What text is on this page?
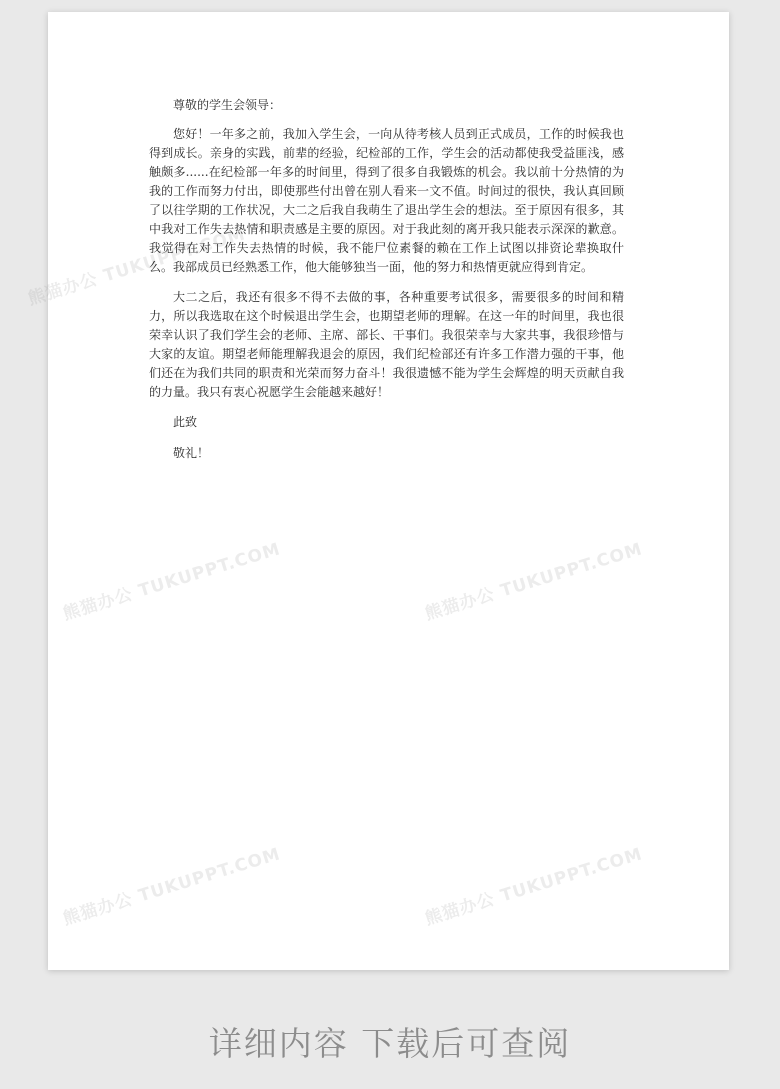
熊猫办公 TUKUPPT.COM
熊猫办公 TUKUPPT.COM	熊猫办公 TUKUPPT.COM
熊猫办公 TUKUPPT.COM	熊猫办公 TUKUPPT.COM

尊敬的学生会领导：

您好！一年多之前，我加入学生会，一向从待考核人员到正式成员，工作的时候我也得到成长。亲身的实践，前辈的经验，纪检部的工作，学生会的活动都使我受益匪浅，感触颇多......在纪检部一年多的时间里，得到了很多自我锻炼的机会。我以前十分热情的为我的工作而努力付出，即使那些付出曾在别人看来一文不值。时间过的很快，我认真回顾了以往学期的工作状况，大二之后我自我萌生了退出学生会的想法。至于原因有很多，其中我对工作失去热情和职责感是主要的原因。对于我此刻的离开我只能表示深深的歉意。我觉得在对工作失去热情的时候，我不能尸位素餐的赖在工作上试图以排资论辈换取什么。我部成员已经熟悉工作，他大能够独当一面，他的努力和热情更就应得到肯定。

大二之后，我还有很多不得不去做的事，各种重要考试很多，需要很多的时间和精力，所以我选取在这个时候退出学生会，也期望老师的理解。在这一年的时间里，我也很荣幸认识了我们学生会的老师、主席、部长、干事们。我很荣幸与大家共事，我很珍惜与大家的友谊。期望老师能理解我退会的原因，我们纪检部还有许多工作潜力强的干事，他们还在为我们共同的职责和光荣而努力奋斗！我很遗憾不能为学生会辉煌的明天贡献自我的力量。我只有衷心祝愿学生会能越来越好！

此致

敬礼！

详细内容 下载后可查阅
